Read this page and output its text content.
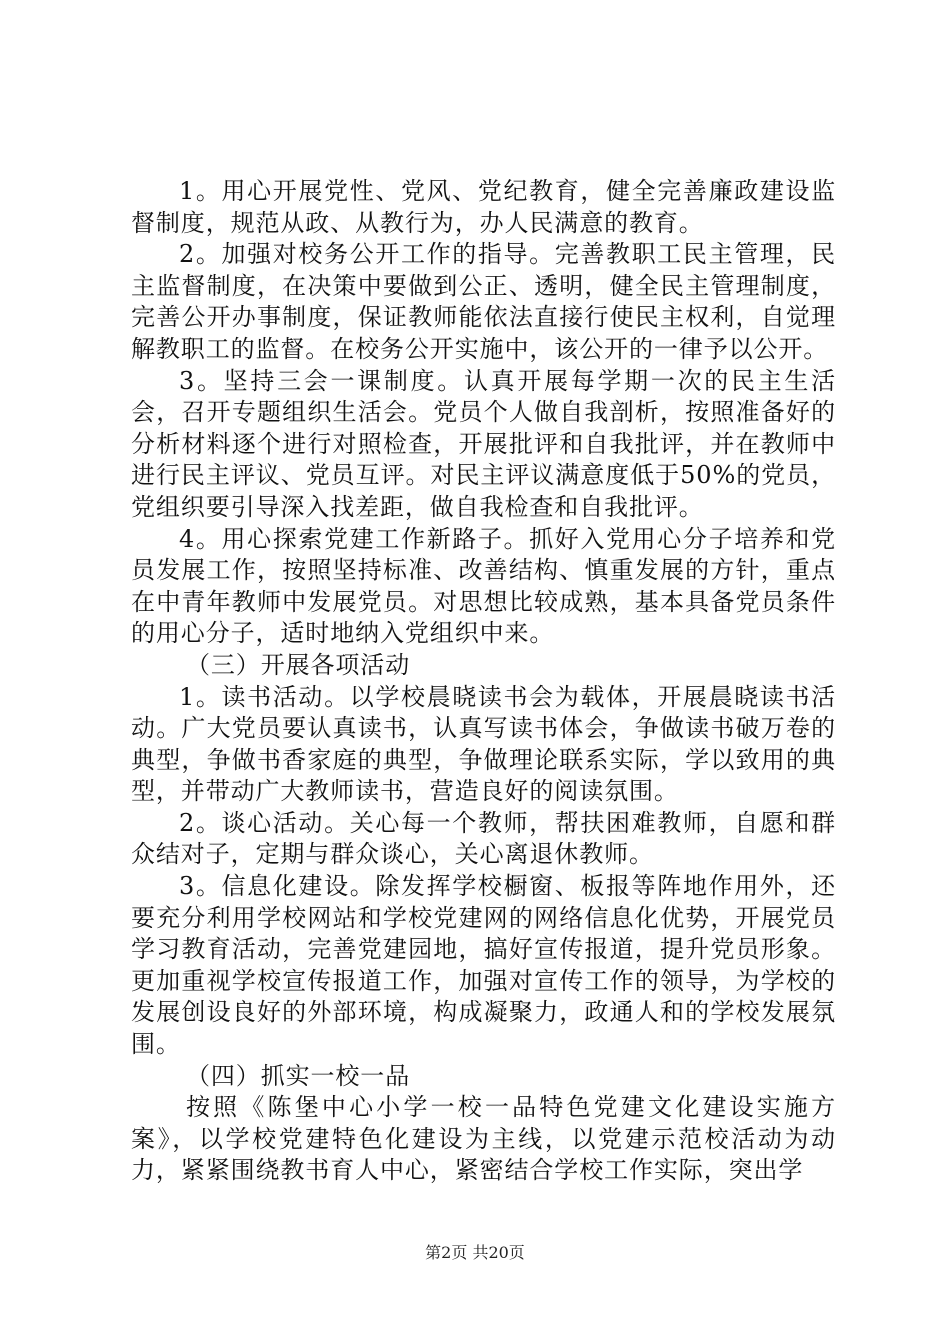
1。用心开展党性、党风、党纪教育，健全完善廉政建设监督制度，规范从政、从教行为，办人民满意的教育。

2。加强对校务公开工作的指导。完善教职工民主管理，民主监督制度，在决策中要做到公正、透明，健全民主管理制度，完善公开办事制度，保证教师能依法直接行使民主权利，自觉理解教职工的监督。在校务公开实施中，该公开的一律予以公开。

3。坚持三会一课制度。认真开展每学期一次的民主生活会，召开专题组织生活会。党员个人做自我剖析，按照准备好的分析材料逐个进行对照检查，开展批评和自我批评，并在教师中进行民主评议、党员互评。对民主评议满意度低于50%的党员，党组织要引导深入找差距，做自我检查和自我批评。

4。用心探索党建工作新路子。抓好入党用心分子培养和党员发展工作，按照坚持标准、改善结构、慎重发展的方针，重点在中青年教师中发展党员。对思想比较成熟，基本具备党员条件的用心分子，适时地纳入党组织中来。

（三）开展各项活动

1。读书活动。以学校晨晓读书会为载体，开展晨晓读书活动。广大党员要认真读书，认真写读书体会，争做读书破万卷的典型，争做书香家庭的典型，争做理论联系实际，学以致用的典型，并带动广大教师读书，营造良好的阅读氛围。

2。谈心活动。关心每一个教师，帮扶困难教师，自愿和群众结对子，定期与群众谈心，关心离退休教师。

3。信息化建设。除发挥学校橱窗、板报等阵地作用外，还要充分利用学校网站和学校党建网的网络信息化优势，开展党员学习教育活动，完善党建园地，搞好宣传报道，提升党员形象。更加重视学校宣传报道工作，加强对宣传工作的领导，为学校的发展创设良好的外部环境，构成凝聚力，政通人和的学校发展氛围。

（四）抓实一校一品

按照《陈堡中心小学一校一品特色党建文化建设实施方案》，以学校党建特色化建设为主线，以党建示范校活动为动力，紧紧围绕教书育人中心，紧密结合学校工作实际，突出学

第2页 共20页
